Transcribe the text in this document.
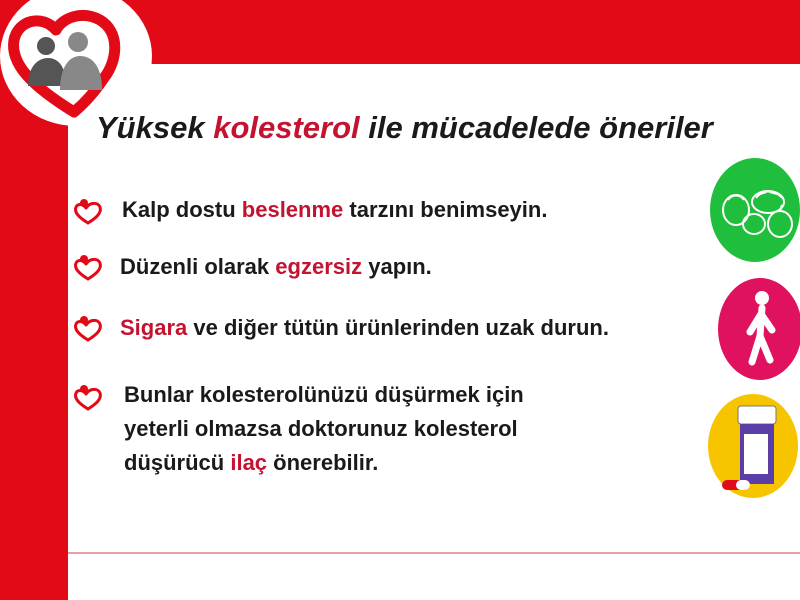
Yüksek kolesterol ile mücadelede öneriler
Kalp dostu beslenme tarzını benimseyin.
Düzenli olarak egzersiz yapın.
Sigara ve diğer tütün ürünlerinden uzak durun.
Bunlar kolesterolünüzü düşürmek için
yeterli olmazsa doktorunuz kolesterol
düşürücü ilaç önerebilir.
